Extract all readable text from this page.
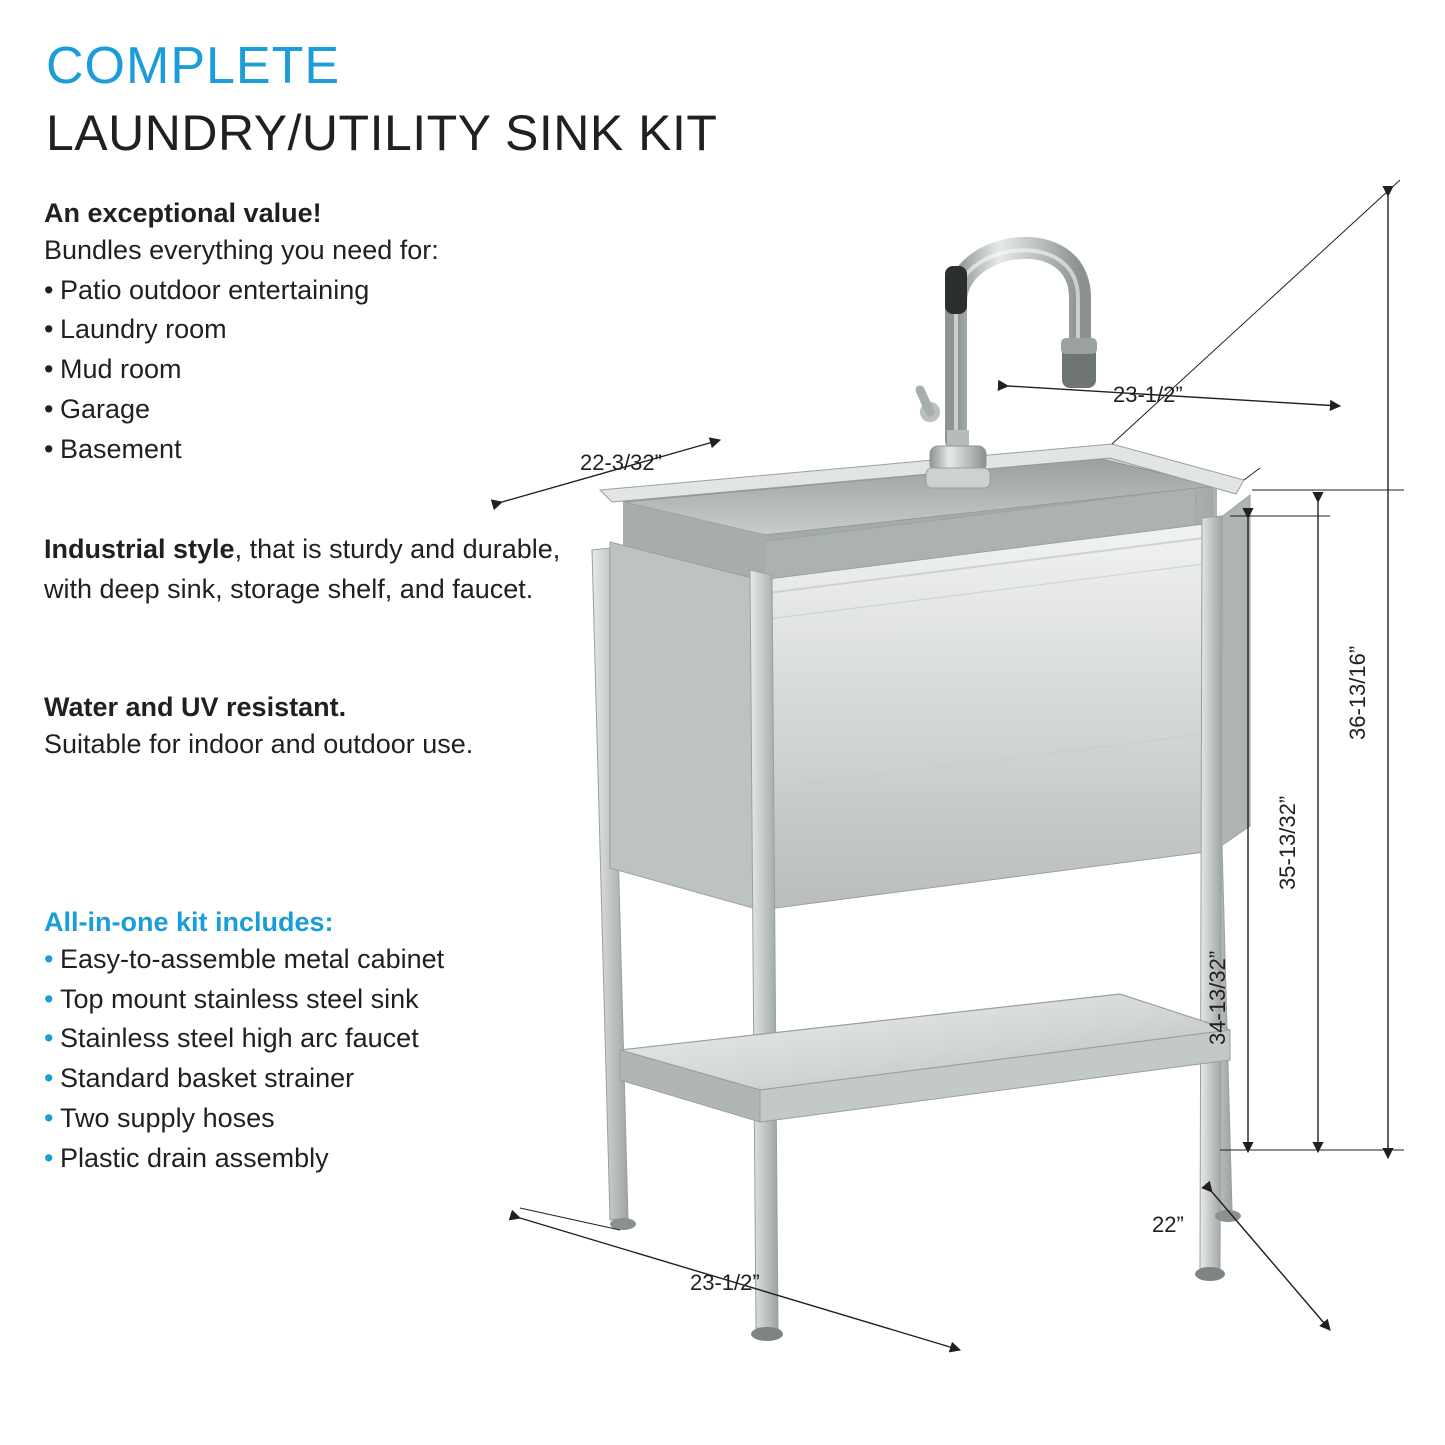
COMPLETE
LAUNDRY/UTILITY SINK KIT
An exceptional value!
Bundles everything you need for:
• Patio outdoor entertaining
• Laundry room
• Mud room
• Garage
• Basement
Industrial style, that is sturdy and durable, with deep sink, storage shelf, and faucet.
Water and UV resistant.
Suitable for indoor and outdoor use.
All-in-one kit includes:
• Easy-to-assemble metal cabinet
• Top mount stainless steel sink
• Stainless steel high arc faucet
• Standard basket strainer
• Two supply hoses
• Plastic drain assembly
22-3/32”
23-1/2”
36-13/16”
35-13/32”
34-13/32”
22”
23-1/2”
